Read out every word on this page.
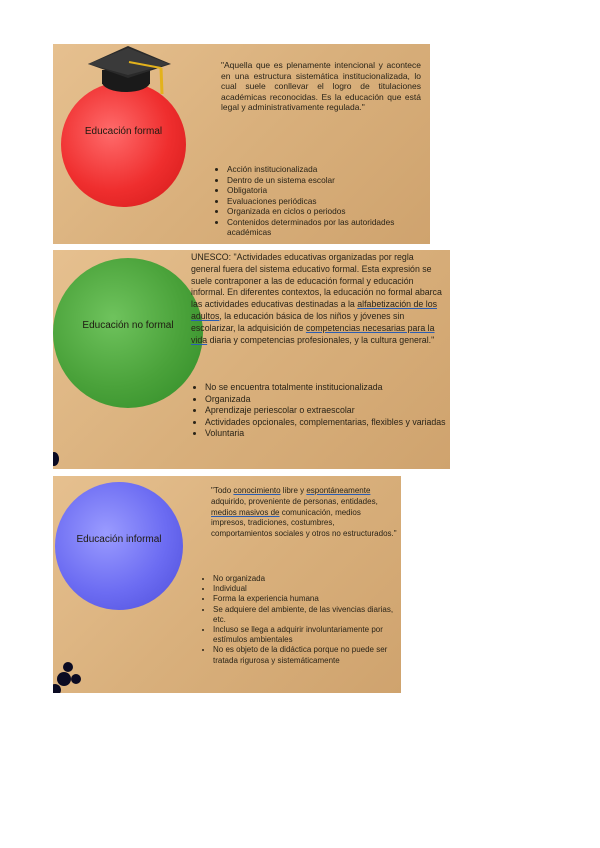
Educación formal
"Aquella que es plenamente intencional y acontece en una estructura sistemática institucionalizada, lo cual suele conllevar el logro de titulaciones académicas reconocidas. Es la educación que está legal y administrativamente regulada."
• Acción institucionalizada
• Dentro de un sistema escolar
• Obligatoria
• Evaluaciones periódicas
• Organizada en ciclos o periodos
• Contenidos determinados por las autoridades académicas
Educación no formal
UNESCO: "Actividades educativas organizadas por regla general fuera del sistema educativo formal. Esta expresión se suele contraponer a las de educación formal y educación informal. En diferentes contextos, la educación no formal abarca las actividades educativas destinadas a la alfabetización de los adultos, la educación básica de los niños y jóvenes sin escolarizar, la adquisición de competencias necesarias para la vida diaria y competencias profesionales, y la cultura general."
• No se encuentra totalmente institucionalizada
• Organizada
• Aprendizaje periescolar o extraescolar
• Actividades opcionales, complementarias, flexibles y variadas
• Voluntaria
Educación informal
"Todo conocimiento libre y espontáneamente adquirido, proveniente de personas, entidades, medios masivos de comunicación, medios impresos, tradiciones, costumbres, comportamientos sociales y otros no estructurados."
• No organizada
• Individual
• Forma la experiencia humana
• Se adquiere del ambiente, de las vivencias diarias, etc.
• Incluso se llega a adquirir involuntariamente por estímulos ambientales
• No es objeto de la didáctica porque no puede ser tratada rigurosa y sistemáticamente
